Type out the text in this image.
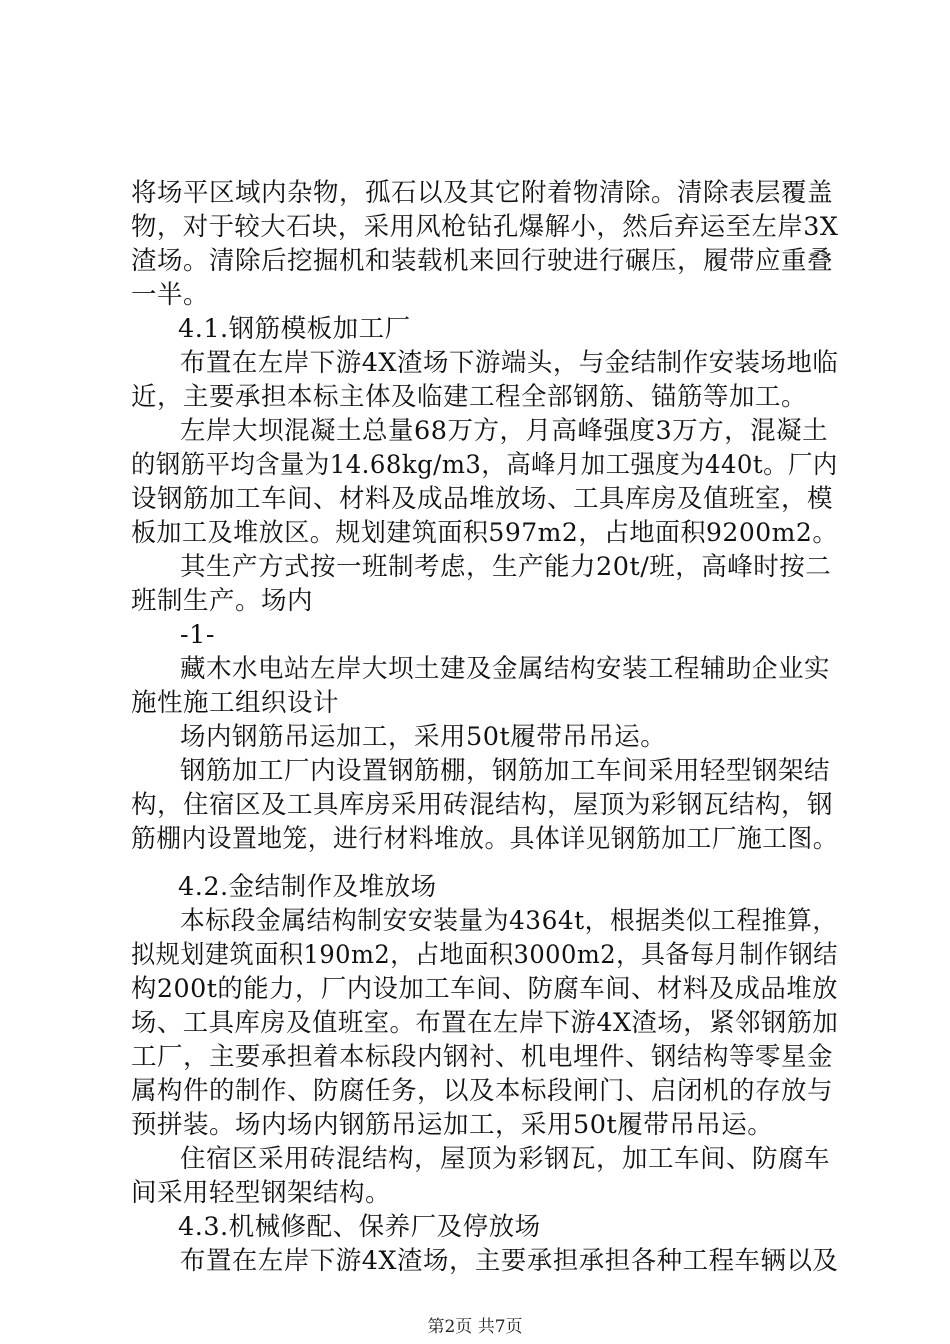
将场平区域内杂物，孤石以及其它附着物清除。清除表层覆盖
物，对于较大石块，采用风枪钻孔爆解小，然后弃运至左岸3X
渣场。清除后挖掘机和装载机来回行驶进行碾压，履带应重叠
一半。
4.1.钢筋模板加工厂
布置在左岸下游4X渣场下游端头，与金结制作安装场地临
近，主要承担本标主体及临建工程全部钢筋、锚筋等加工。
左岸大坝混凝土总量68万方，月高峰强度3万方，混凝土
的钢筋平均含量为14.68kg/m3，高峰月加工强度为440t。厂内
设钢筋加工车间、材料及成品堆放场、工具库房及值班室，模
板加工及堆放区。规划建筑面积597m2，占地面积9200m2。
其生产方式按一班制考虑，生产能力20t/班，高峰时按二
班制生产。场内
-1-
藏木水电站左岸大坝土建及金属结构安装工程辅助企业实
施性施工组织设计
场内钢筋吊运加工，采用50t履带吊吊运。
钢筋加工厂内设置钢筋棚，钢筋加工车间采用轻型钢架结
构，住宿区及工具库房采用砖混结构，屋顶为彩钢瓦结构，钢
筋棚内设置地笼，进行材料堆放。具体详见钢筋加工厂施工图。
4.2.金结制作及堆放场
本标段金属结构制安安装量为4364t，根据类似工程推算，
拟规划建筑面积190m2，占地面积3000m2，具备每月制作钢结
构200t的能力，厂内设加工车间、防腐车间、材料及成品堆放
场、工具库房及值班室。布置在左岸下游4X渣场，紧邻钢筋加
工厂，主要承担着本标段内钢衬、机电埋件、钢结构等零星金
属构件的制作、防腐任务，以及本标段闸门、启闭机的存放与
预拼装。场内场内钢筋吊运加工，采用50t履带吊吊运。
住宿区采用砖混结构，屋顶为彩钢瓦，加工车间、防腐车
间采用轻型钢架结构。
4.3.机械修配、保养厂及停放场
布置在左岸下游4X渣场，主要承担承担各种工程车辆以及
第2页 共7页
